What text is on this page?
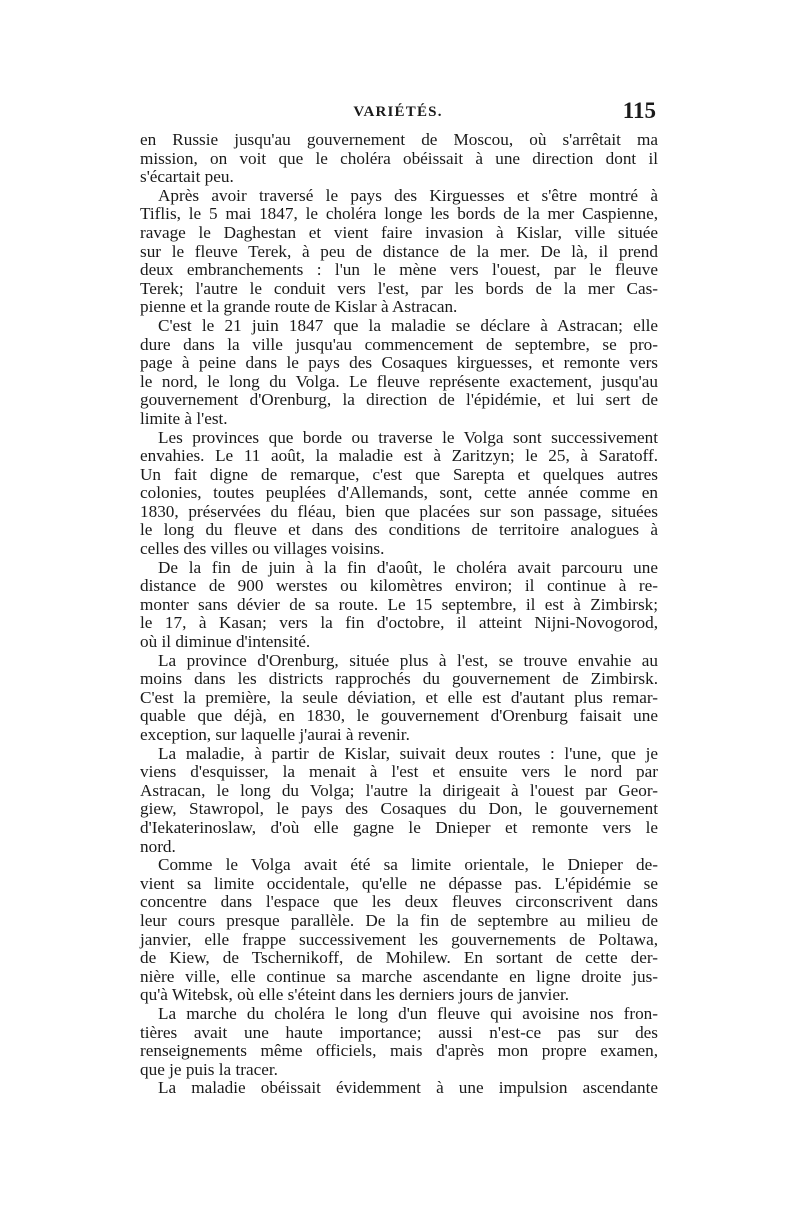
VARIÉTÉS.	115
en Russie jusqu'au gouvernement de Moscou, où s'arrêtait ma
mission, on voit que le choléra obéissait à une direction dont il
s'écartait peu.
Après avoir traversé le pays des Kirguesses et s'être montré à
Tiflis, le 5 mai 1847, le choléra longe les bords de la mer Caspienne,
ravage le Daghestan et vient faire invasion à Kislar, ville située
sur le fleuve Terek, à peu de distance de la mer. De là, il prend
deux embranchements : l'un le mène vers l'ouest, par le fleuve
Terek; l'autre le conduit vers l'est, par les bords de la mer Cas-
pienne et la grande route de Kislar à Astracan.
C'est le 21 juin 1847 que la maladie se déclare à Astracan; elle
dure dans la ville jusqu'au commencement de septembre, se pro-
page à peine dans le pays des Cosaques kirguesses, et remonte vers
le nord, le long du Volga. Le fleuve représente exactement, jusqu'au
gouvernement d'Orenburg, la direction de l'épidémie, et lui sert de
limite à l'est.
Les provinces que borde ou traverse le Volga sont successivement
envahies. Le 11 août, la maladie est à Zaritzyn; le 25, à Saratoff.
Un fait digne de remarque, c'est que Sarepta et quelques autres
colonies, toutes peuplées d'Allemands, sont, cette année comme en
1830, préservées du fléau, bien que placées sur son passage, situées
le long du fleuve et dans des conditions de territoire analogues à
celles des villes ou villages voisins.
De la fin de juin à la fin d'août, le choléra avait parcouru une
distance de 900 werstes ou kilomètres environ; il continue à re-
monter sans dévier de sa route. Le 15 septembre, il est à Zimbirsk;
le 17, à Kasan; vers la fin d'octobre, il atteint Nijni-Novogorod,
où il diminue d'intensité.
La province d'Orenburg, située plus à l'est, se trouve envahie au
moins dans les districts rapprochés du gouvernement de Zimbirsk.
C'est la première, la seule déviation, et elle est d'autant plus remar-
quable que déjà, en 1830, le gouvernement d'Orenburg faisait une
exception, sur laquelle j'aurai à revenir.
La maladie, à partir de Kislar, suivait deux routes : l'une, que je
viens d'esquisser, la menait à l'est et ensuite vers le nord par
Astracan, le long du Volga; l'autre la dirigeait à l'ouest par Geor-
giew, Stawropol, le pays des Cosaques du Don, le gouvernement
d'Iekaterinoslaw, d'où elle gagne le Dnieper et remonte vers le
nord.
Comme le Volga avait été sa limite orientale, le Dnieper de-
vient sa limite occidentale, qu'elle ne dépasse pas. L'épidémie se
concentre dans l'espace que les deux fleuves circonscrivent dans
leur cours presque parallèle. De la fin de septembre au milieu de
janvier, elle frappe successivement les gouvernements de Poltawa,
de Kiew, de Tschernikoff, de Mohilew. En sortant de cette der-
nière ville, elle continue sa marche ascendante en ligne droite jus-
qu'à Witebsk, où elle s'éteint dans les derniers jours de janvier.
La marche du choléra le long d'un fleuve qui avoisine nos fron-
tières avait une haute importance; aussi n'est-ce pas sur des
renseignements même officiels, mais d'après mon propre examen,
que je puis la tracer.
La maladie obéissait évidemment à une impulsion ascendante
